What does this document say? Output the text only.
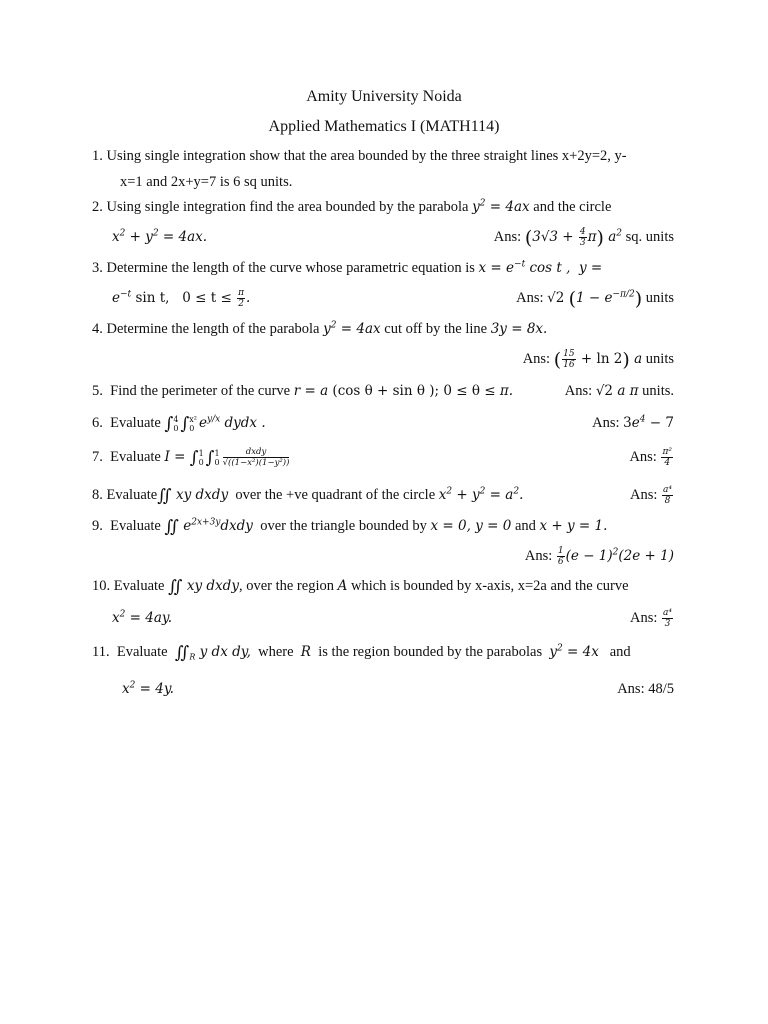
Amity University Noida
Applied Mathematics I (MATH114)
1. Using single integration show that the area bounded by the three straight lines x+2y=2, y-
x=1 and 2x+y=7 is 6 sq units.
2. Using single integration find the area bounded by the parabola $y^2 = 4ax$ and the circle
$x^2 + y^2 = 4ax$.	Ans: $(3√3 + \frac{4}{3} \pi)$ $a^2$ sq. units
3. Determine the length of the curve whose parametric equation is $x = e^{-t}$ cos t ,  y =
$e^{-t}$ sin t,   $0 \le t \le \frac{\pi}{2}$ .	Ans: √2 $(1 - e^{-\pi/2})$ units
4. Determine the length of the parabola $y^2 = 4ax$ cut off by the line 3y = 8x.
Ans: ( $\frac{15}{16} + \ln 2$) a units
5. Find the perimeter of the curve r = a (cos θ + sin θ ); 0 ≤ θ ≤ π.	Ans: √2 a π units.
6. Evaluate ∫ 4
0 ∫ x²
0 $e^{y/x}$ dydx .	Ans: $3e^4 - 7$
7. Evaluate I = ∫ 1
0 ∫ 1
$0 \frac{\text{dxdy}}{\text{√((1−x²)(1−y²))}}$	Ans: $\frac{\text{π²}}{4}$
8. Evaluate∬ xy dxdy over the +ve quadrant of the circle $x^2 + y^2 = a^2$.	Ans: $\frac{\text{a⁴}}{8}$
9. Evaluate ∬ $e^{2x+3y}dxdy$ over the triangle bounded by x = 0, y = 0 and x + y = 1.
Ans: $\frac{1}{6} (e - 1)^2(2e + 1)$
10. Evaluate ∬ xy dxdy, over the region A which is bounded by x-axis, x=2a and the curve
$x^2 = 4ay$.	Ans: $\frac{\text{a⁴}}{3}$
11. Evaluate $∬_R$ y dx dy, where R is the region bounded by the parabolas $y^2 = 4x$ and
$x^2 = 4y$.	Ans: 48/5
